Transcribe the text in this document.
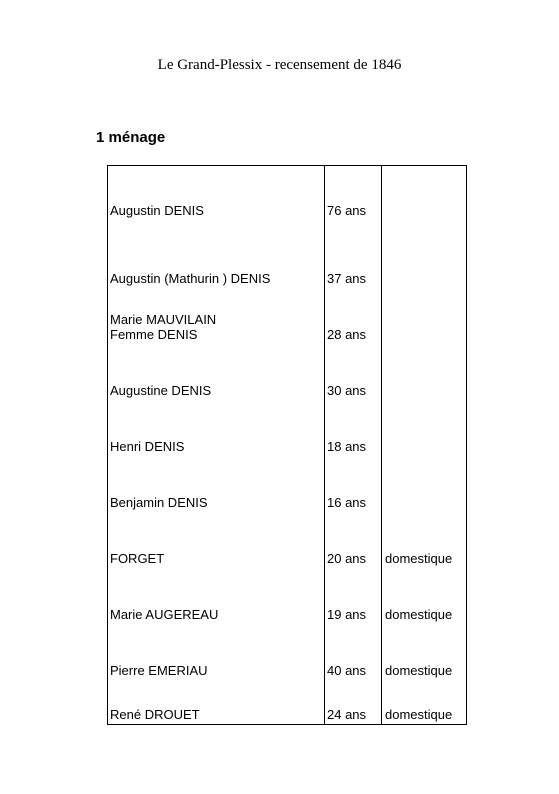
Le Grand-Plessix - recensement de 1846
1 ménage
Augustin DENIS	76 ans
Augustin (Mathurin ) DENIS	37 ans
Marie MAUVILAIN
Femme DENIS	28 ans
Augustine DENIS	30 ans
Henri DENIS	18 ans
Benjamin DENIS	16 ans
FORGET	20 ans domestique
Marie AUGEREAU	19 ans domestique
Pierre EMERIAU	40 ans domestique
René DROUET	24 ans domestique
